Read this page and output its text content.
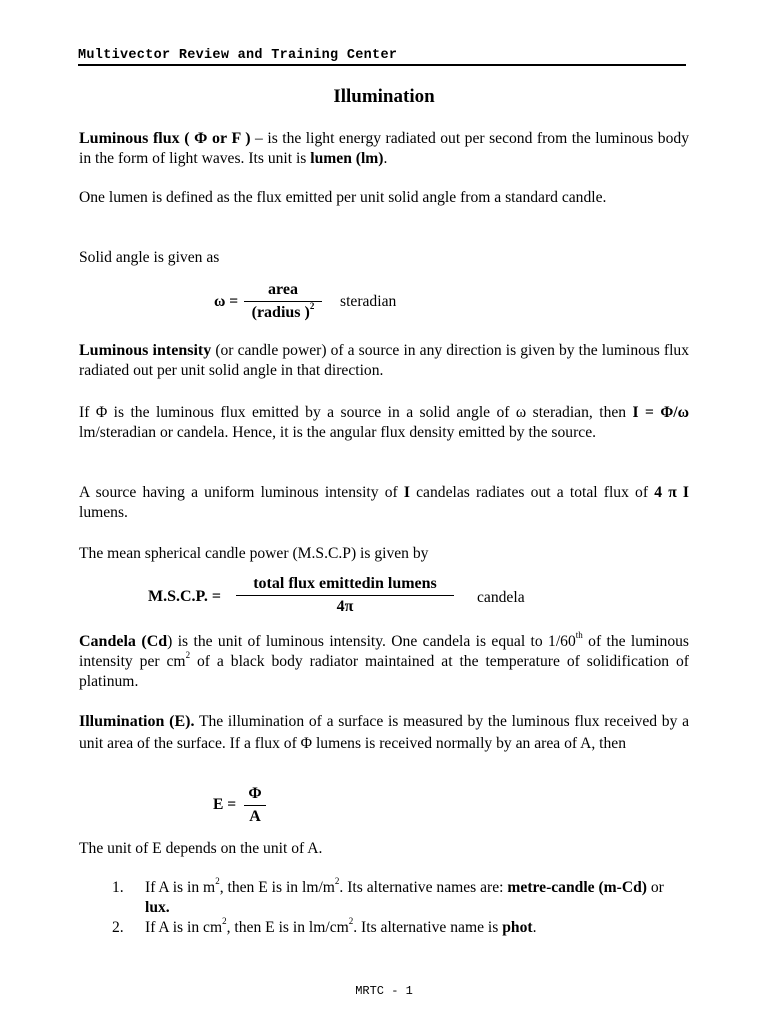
Multivector Review and Training Center
Illumination
Luminous flux ( Φ or F ) – is the light energy radiated out per second from the luminous body in the form of light waves. Its unit is lumen (lm).
One lumen is defined as the flux emitted per unit solid angle from a standard candle.
Solid angle is given as
ω =
area
(radius )$^2$	steradian
Luminous intensity (or candle power) of a source in any direction is given by the luminous flux radiated out per unit solid angle in that direction.
If Φ is the luminous flux emitted by a source in a solid angle of ω steradian, then I = Φ/ω lm/steradian or candela. Hence, it is the angular flux density emitted by the source.
A source having a uniform luminous intensity of I candelas radiates out a total flux of 4 π I lumens.
The mean spherical candle power (M.S.C.P) is given by
M.S.C.P. =
total flux emittedin lumens
4π
candela
Candela (Cd) is the unit of luminous intensity. One candela is equal to 1/60th of the luminous intensity per $cm^2$ of a black body radiator maintained at the temperature of solidification of platinum.
Illumination (E). The illumination of a surface is measured by the luminous flux received by a unit area of the surface. If a flux of Φ lumens is received normally by an area of A, then
E =
Φ
A
The unit of E depends on the unit of A.
1.	If A is in $m^2$, then E is in $lm/m^2$. Its alternative names are: metre-candle (m-Cd) or lux.
2.	If A is in $cm^2$, then E is in $lm/cm^2$. Its alternative name is phot.
MRTC - 1
